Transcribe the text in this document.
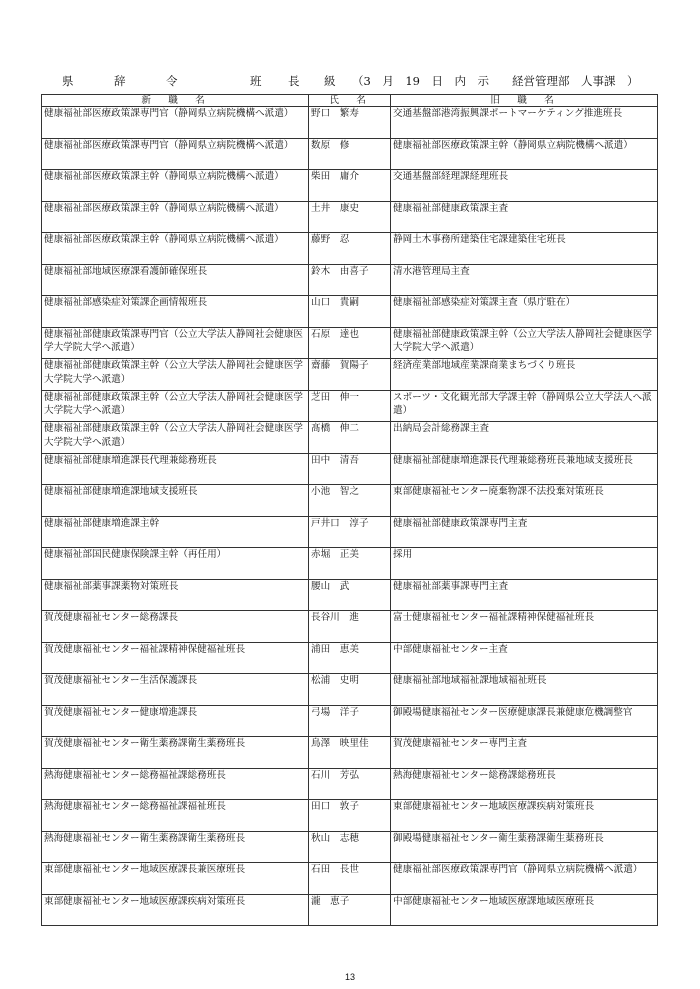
県	辞	令	班 長 級 （3　月　19　日　内　示　　経営管理部　人事課　）
新　職　名	氏　名	旧　職　名
健康福祉部医療政策課専門官（静岡県立病院機構へ派遣）	野口　繁寿	交通基盤部港湾振興課ポートマーケティング推進班長
健康福祉部医療政策課専門官（静岡県立病院機構へ派遣）	数原　修	健康福祉部医療政策課主幹（静岡県立病院機構へ派遣）
健康福祉部医療政策課主幹（静岡県立病院機構へ派遣）	柴田　庸介	交通基盤部経理課経理班長
健康福祉部医療政策課主幹（静岡県立病院機構へ派遣）	土井　康史	健康福祉部健康政策課主査
健康福祉部医療政策課主幹（静岡県立病院機構へ派遣）	藤野　忍	静岡土木事務所建築住宅課建築住宅班長
健康福祉部地域医療課看護師確保班長	鈴木　由喜子	清水港管理局主査
健康福祉部感染症対策課企画情報班長	山口　貴嗣	健康福祉部感染症対策課主査（県庁駐在）
健康福祉部健康政策課専門官（公立大学法人静岡社会健康医学大学院大学へ派遣）	石原　達也	健康福祉部健康政策課主幹（公立大学法人静岡社会健康医学大学院大学へ派遣）
健康福祉部健康政策課主幹（公立大学法人静岡社会健康医学大学院大学へ派遣）	齋藤　賀陽子	経済産業部地域産業課商業まちづくり班長
健康福祉部健康政策課主幹（公立大学法人静岡社会健康医学大学院大学へ派遣）	芝田　伸一	スポーツ・文化観光部大学課主幹（静岡県公立大学法人へ派遣）
健康福祉部健康政策課主幹（公立大学法人静岡社会健康医学大学院大学へ派遣）	髙橋　伸二	出納局会計総務課主査
健康福祉部健康増進課長代理兼総務班長	田中　清吾	健康福祉部健康増進課長代理兼総務班長兼地域支援班長
健康福祉部健康増進課地域支援班長	小池　智之	東部健康福祉センター廃棄物課不法投棄対策班長
健康福祉部健康増進課主幹	戸井口　淳子	健康福祉部健康政策課専門主査
健康福祉部国民健康保険課主幹（再任用）	赤堀　正美	採用
健康福祉部薬事課薬物対策班長	腰山　武	健康福祉部薬事課専門主査
賀茂健康福祉センター総務課長	長谷川　進	富士健康福祉センター福祉課精神保健福祉班長
賀茂健康福祉センター福祉課精神保健福祉班長	浦田　恵美	中部健康福祉センター主査
賀茂健康福祉センター生活保護課長	松浦　史明	健康福祉部地域福祉課地域福祉班長
賀茂健康福祉センター健康増進課長	弓場　洋子	御殿場健康福祉センター医療健康課長兼健康危機調整官
賀茂健康福祉センター衛生薬務課衛生薬務班長	鳥澤　映里佳	賀茂健康福祉センター専門主査
熱海健康福祉センター総務福祉課総務班長	石川　芳弘	熱海健康福祉センター総務課総務班長
熱海健康福祉センター総務福祉課福祉班長	田口　敦子	東部健康福祉センター地域医療課疾病対策班長
熱海健康福祉センター衛生薬務課衛生薬務班長	秋山　志穂	御殿場健康福祉センター衛生薬務課衛生薬務班長
東部健康福祉センター地域医療課長兼医療班長	石田　長世	健康福祉部医療政策課専門官（静岡県立病院機構へ派遣）
東部健康福祉センター地域医療課疾病対策班長	瀧　恵子	中部健康福祉センター地域医療課地域医療班長
13
